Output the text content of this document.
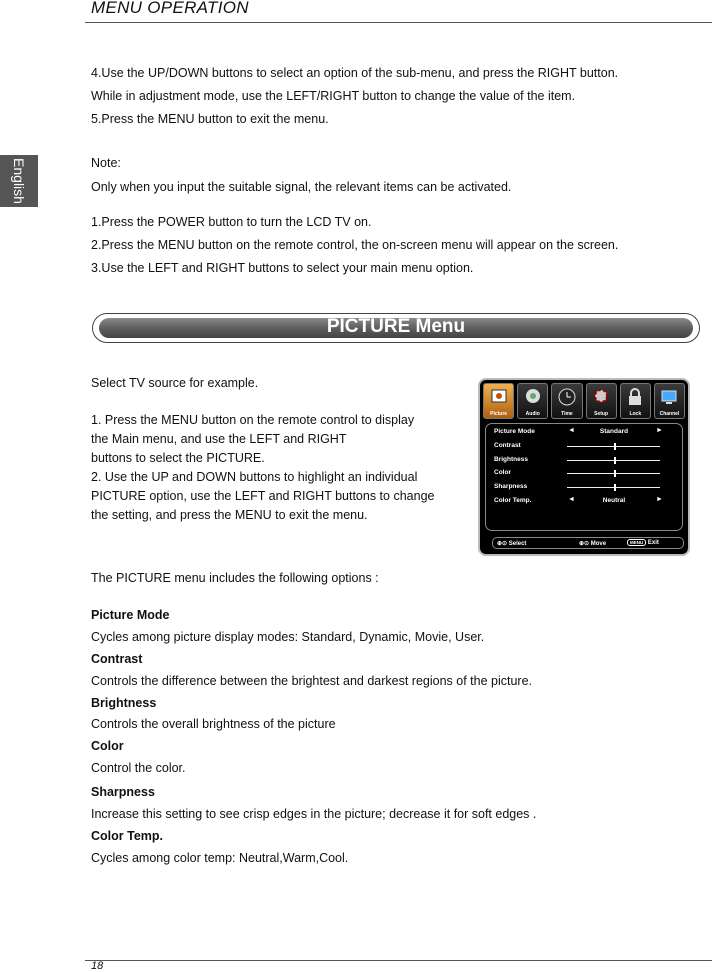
MENU OPERATION
English
4.Use the UP/DOWN buttons to select an option of the sub-menu, and press the RIGHT button.
While in adjustment mode, use the LEFT/RIGHT button to change the value of the item.
5.Press the MENU button to exit the menu.
Note:
Only when you input the suitable signal, the relevant items can be activated.
1.Press the POWER button to turn the LCD TV on.
2.Press the MENU button on the remote control, the on-screen menu will appear on the screen.
3.Use the LEFT and RIGHT buttons to select your main menu option.
PICTURE Menu
Select TV source for example.
1. Press the MENU button on the remote control to display
the Main menu, and use the LEFT and RIGHT
buttons to select the PICTURE.
2. Use the UP and DOWN buttons to highlight an individual
PICTURE option, use the LEFT and RIGHT buttons to change
the setting, and press the MENU to exit the menu.
Picture	Audio	Time	Setup	Lock	Channel
Picture Mode	◄	Standard	►
Contrast
Brightness
Color
Sharpness
Color Temp.	◄	Neutral	►
⊕⊙ Select	⊕⊙ Move	MENU Exit
The PICTURE menu includes the following options :
Picture Mode
Cycles among picture display modes: Standard, Dynamic, Movie, User.
Contrast
Controls the difference between the brightest and darkest regions of the picture.
Brightness
Controls the overall brightness of the picture
Color
Control the color.
Sharpness
Increase this setting to see crisp edges in the picture; decrease it for soft edges .
Color Temp.
Cycles among color temp: Neutral,Warm,Cool.
18
